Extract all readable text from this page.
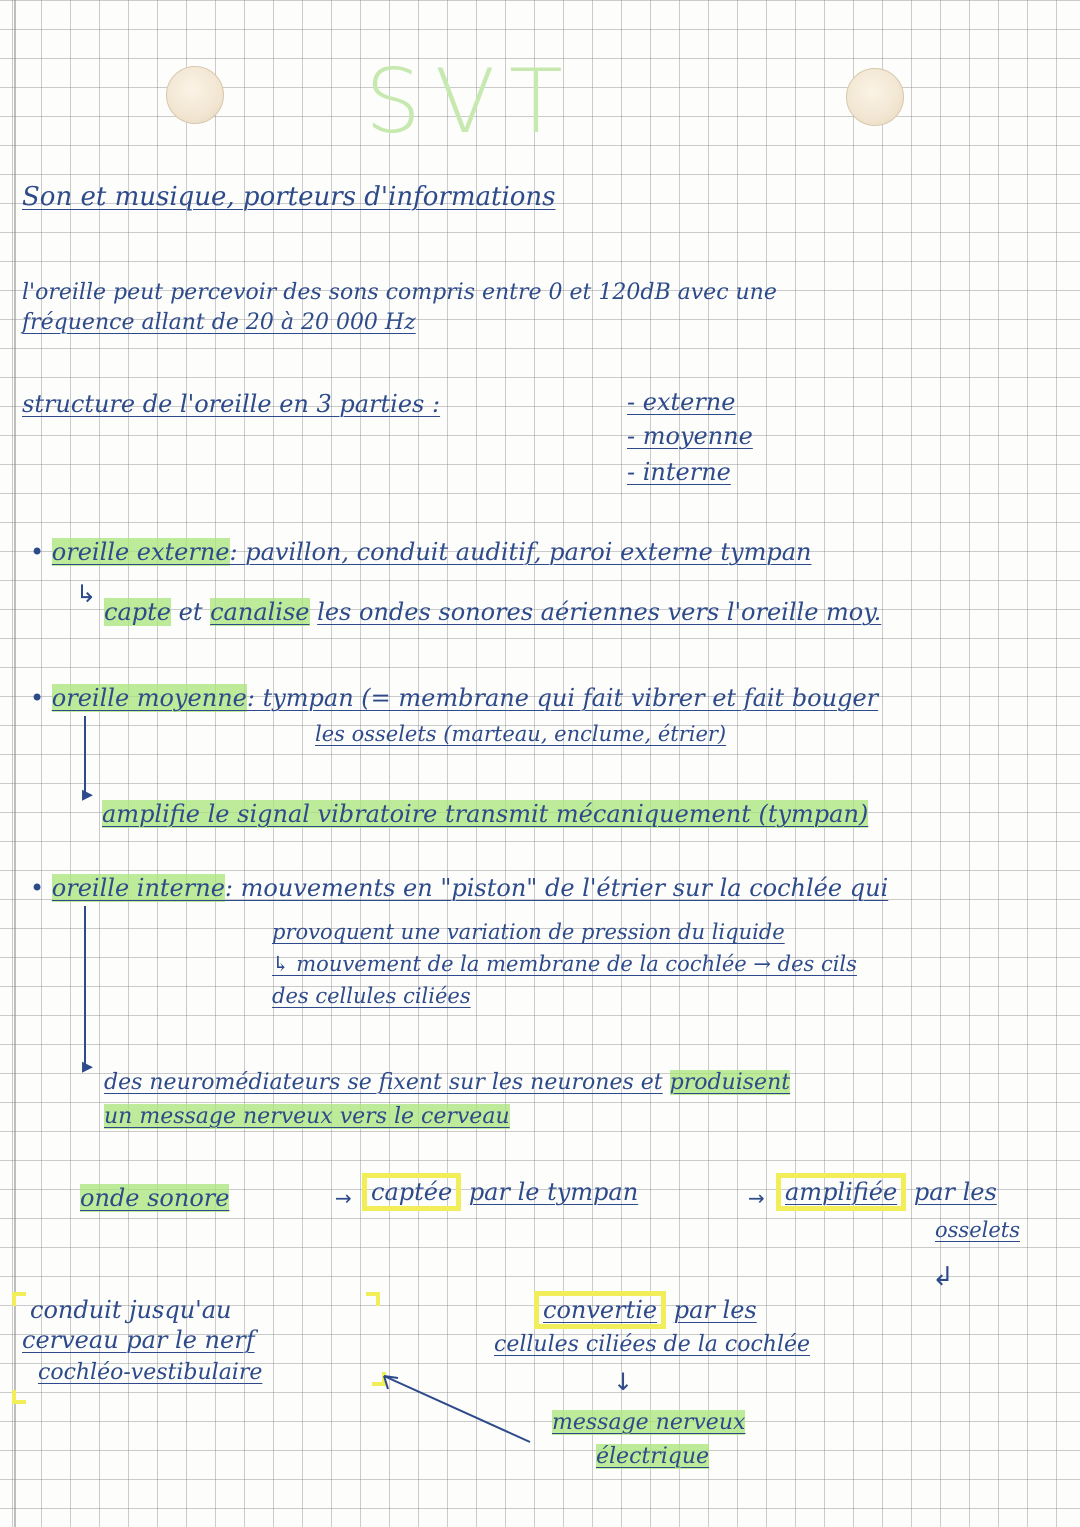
SVT
Son et musique, porteurs d'informations
l'oreille peut percevoir des sons compris entre 0 et 120dB avec une
fréquence allant de 20 à 20 000 Hz
structure de l'oreille en 3 parties :	- externe
- moyenne
- interne
• oreille externe: pavillon, conduit auditif, paroi externe tympan
↳
capte et canalise les ondes sonores aériennes vers l'oreille moy.
• oreille moyenne: tympan (= membrane qui fait vibrer et fait bouger
les osselets (marteau, enclume, étrier)
▸
amplifie le signal vibratoire transmit mécaniquement (tympan)
• oreille interne: mouvements en "piston" de l'étrier sur la cochlée qui
provoquent une variation de pression du liquide
↳ mouvement de la membrane de la cochlée → des cils
des cellules ciliées
▸
des neuromédiateurs se fixent sur les neurones et produisent
un message nerveux vers le cerveau
onde sonore	→ captée par le tympan	→ amplifiée par les
osselets
↲
convertie par les
cellules ciliées de la cochlée
↓
message nerveux
électrique
conduit jusqu'au
cerveau par le nerf
cochléo-vestibulaire
